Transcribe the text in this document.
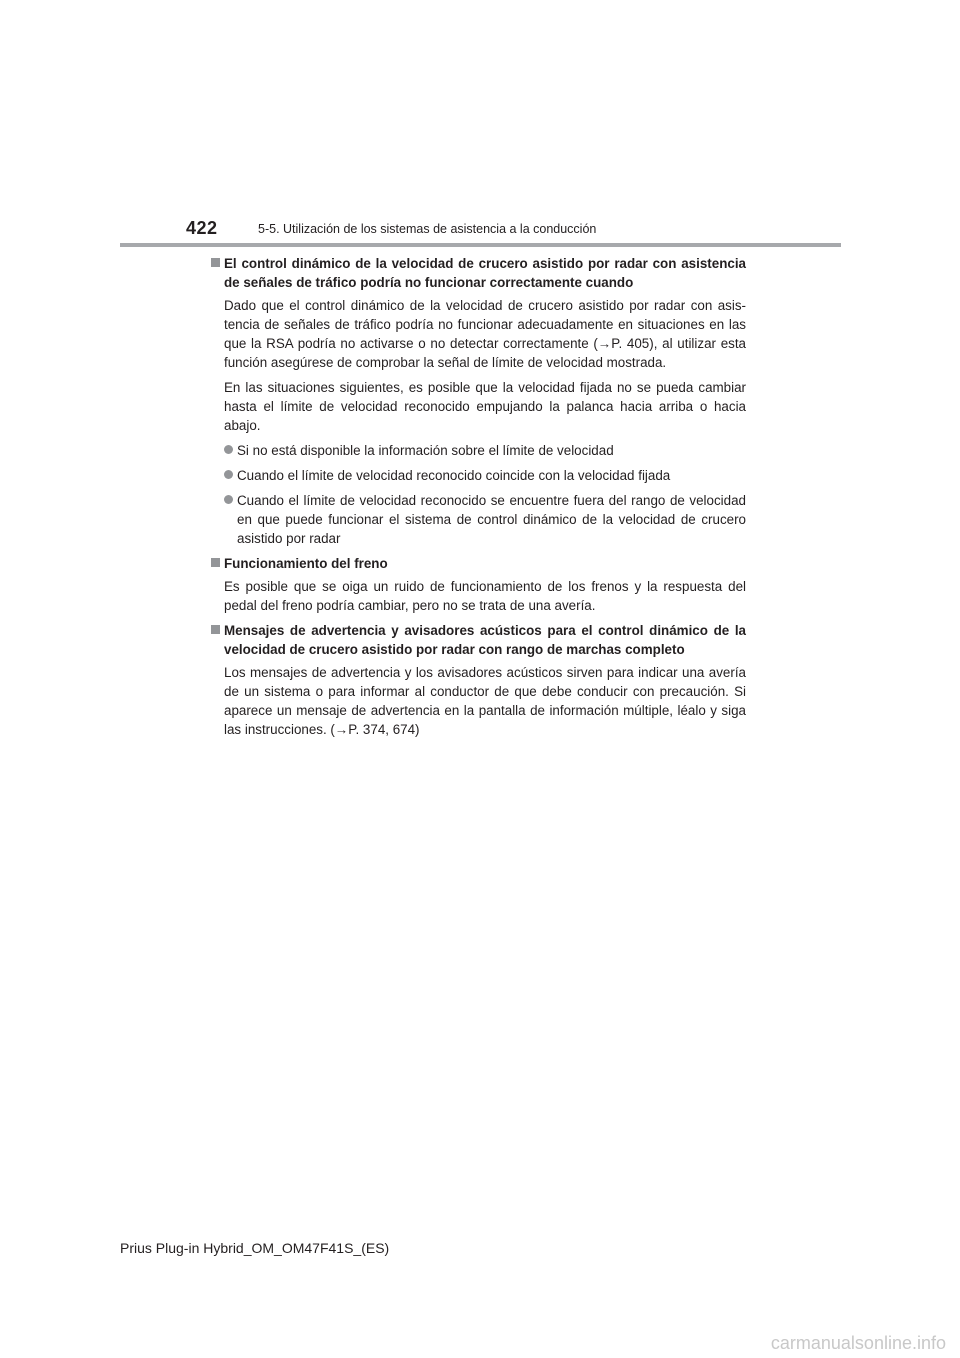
422	5-5. Utilización de los sistemas de asistencia a la conducción

El control dinámico de la velocidad de crucero asistido por radar con asistencia de señales de tráfico podría no funcionar correctamente cuando

Dado que el control dinámico de la velocidad de crucero asistido por radar con asis-tencia de señales de tráfico podría no funcionar adecuadamente en situaciones en las que la RSA podría no activarse o no detectar correctamente (→P. 405), al utilizar esta función asegúrese de comprobar la señal de límite de velocidad mostrada.

En las situaciones siguientes, es posible que la velocidad fijada no se pueda cambiar hasta el límite de velocidad reconocido empujando la palanca hacia arriba o hacia abajo.

Si no está disponible la información sobre el límite de velocidad
Cuando el límite de velocidad reconocido coincide con la velocidad fijada
Cuando el límite de velocidad reconocido se encuentre fuera del rango de velocidad en que puede funcionar el sistema de control dinámico de la velocidad de crucero asistido por radar

Funcionamiento del freno

Es posible que se oiga un ruido de funcionamiento de los frenos y la respuesta del pedal del freno podría cambiar, pero no se trata de una avería.

Mensajes de advertencia y avisadores acústicos para el control dinámico de la velocidad de crucero asistido por radar con rango de marchas completo

Los mensajes de advertencia y los avisadores acústicos sirven para indicar una avería de un sistema o para informar al conductor de que debe conducir con precaución. Si aparece un mensaje de advertencia en la pantalla de información múltiple, léalo y siga las instrucciones. (→P. 374, 674)

Prius Plug-in Hybrid_OM_OM47F41S_(ES)
carmanualsonline.info
